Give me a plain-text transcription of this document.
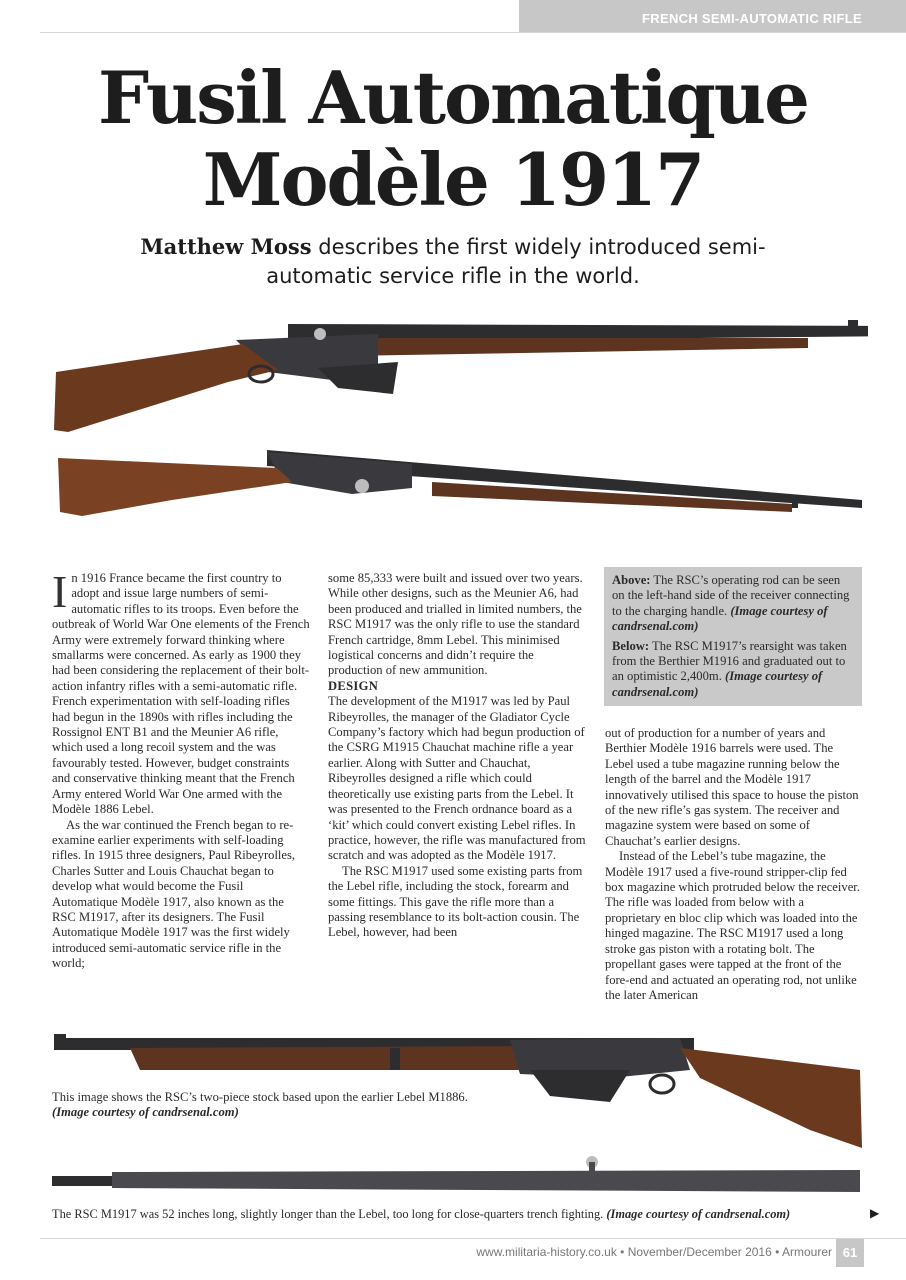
FRENCH SEMI-AUTOMATIC RIFLE
Fusil Automatique
Modèle 1917
Matthew Moss describes the first widely introduced semi-automatic service rifle in the world.

In 1916 France became the first country to adopt and issue large numbers of semi-automatic rifles to its troops. Even before the outbreak of World War One elements of the French Army were extremely forward thinking where smallarms were concerned. As early as 1900 they had been considering the replacement of their bolt-action infantry rifles with a semi-automatic rifle. French experimentation with self-loading rifles had begun in the 1890s with rifles including the Rossignol ENT B1 and the Meunier A6 rifle, which used a long recoil system and the was favourably tested. However, budget constraints and conservative thinking meant that the French Army entered World War One armed with the Modèle 1886 Lebel.

As the war continued the French began to re-examine earlier experiments with self-loading rifles. In 1915 three designers, Paul Ribeyrolles, Charles Sutter and Louis Chauchat began to develop what would become the Fusil Automatique Modèle 1917, also known as the RSC M1917, after its designers. The Fusil Automatique Modèle 1917 was the first widely introduced semi-automatic service rifle in the world;

some 85,333 were built and issued over two years. While other designs, such as the Meunier A6, had been produced and trialled in limited numbers, the RSC M1917 was the only rifle to use the standard French cartridge, 8mm Lebel. This minimised logistical concerns and didn’t require the production of new ammunition.

DESIGN

The development of the M1917 was led by Paul Ribeyrolles, the manager of the Gladiator Cycle Company’s factory which had begun production of the CSRG M1915 Chauchat machine rifle a year earlier. Along with Sutter and Chauchat, Ribeyrolles designed a rifle which could theoretically use existing parts from the Lebel. It was presented to the French ordnance board as a ‘kit’ which could convert existing Lebel rifles. In practice, however, the rifle was manufactured from scratch and was adopted as the Modèle 1917.

The RSC M1917 used some existing parts from the Lebel rifle, including the stock, forearm and some fittings. This gave the rifle more than a passing resemblance to its bolt-action cousin. The Lebel, however, had been

Above: The RSC’s operating rod can be seen on the left-hand side of the receiver connecting to the charging handle. (Image courtesy of candrsenal.com)

Below: The RSC M1917’s rearsight was taken from the Berthier M1916 and graduated out to an optimistic 2,400m. (Image courtesy of candrsenal.com)

out of production for a number of years and Berthier Modèle 1916 barrels were used. The Lebel used a tube magazine running below the length of the barrel and the Modèle 1917 innovatively utilised this space to house the piston of the new rifle’s gas system. The receiver and magazine system were based on some of Chauchat’s earlier designs.

Instead of the Lebel’s tube magazine, the Modèle 1917 used a five-round stripper-clip fed box magazine which protruded below the receiver. The rifle was loaded from below with a proprietary en bloc clip which was loaded into the hinged magazine. The RSC M1917 used a long stroke gas piston with a rotating bolt. The propellant gases were tapped at the front of the fore-end and actuated an operating rod, not unlike the later American

This image shows the RSC’s two-piece stock based upon the earlier Lebel M1886. (Image courtesy of candrsenal.com)
The RSC M1917 was 52 inches long, slightly longer than the Lebel, too long for close-quarters trench fighting. (Image courtesy of candrsenal.com)	▶
www.militaria-history.co.uk • November/December 2016 • Armourer 61
